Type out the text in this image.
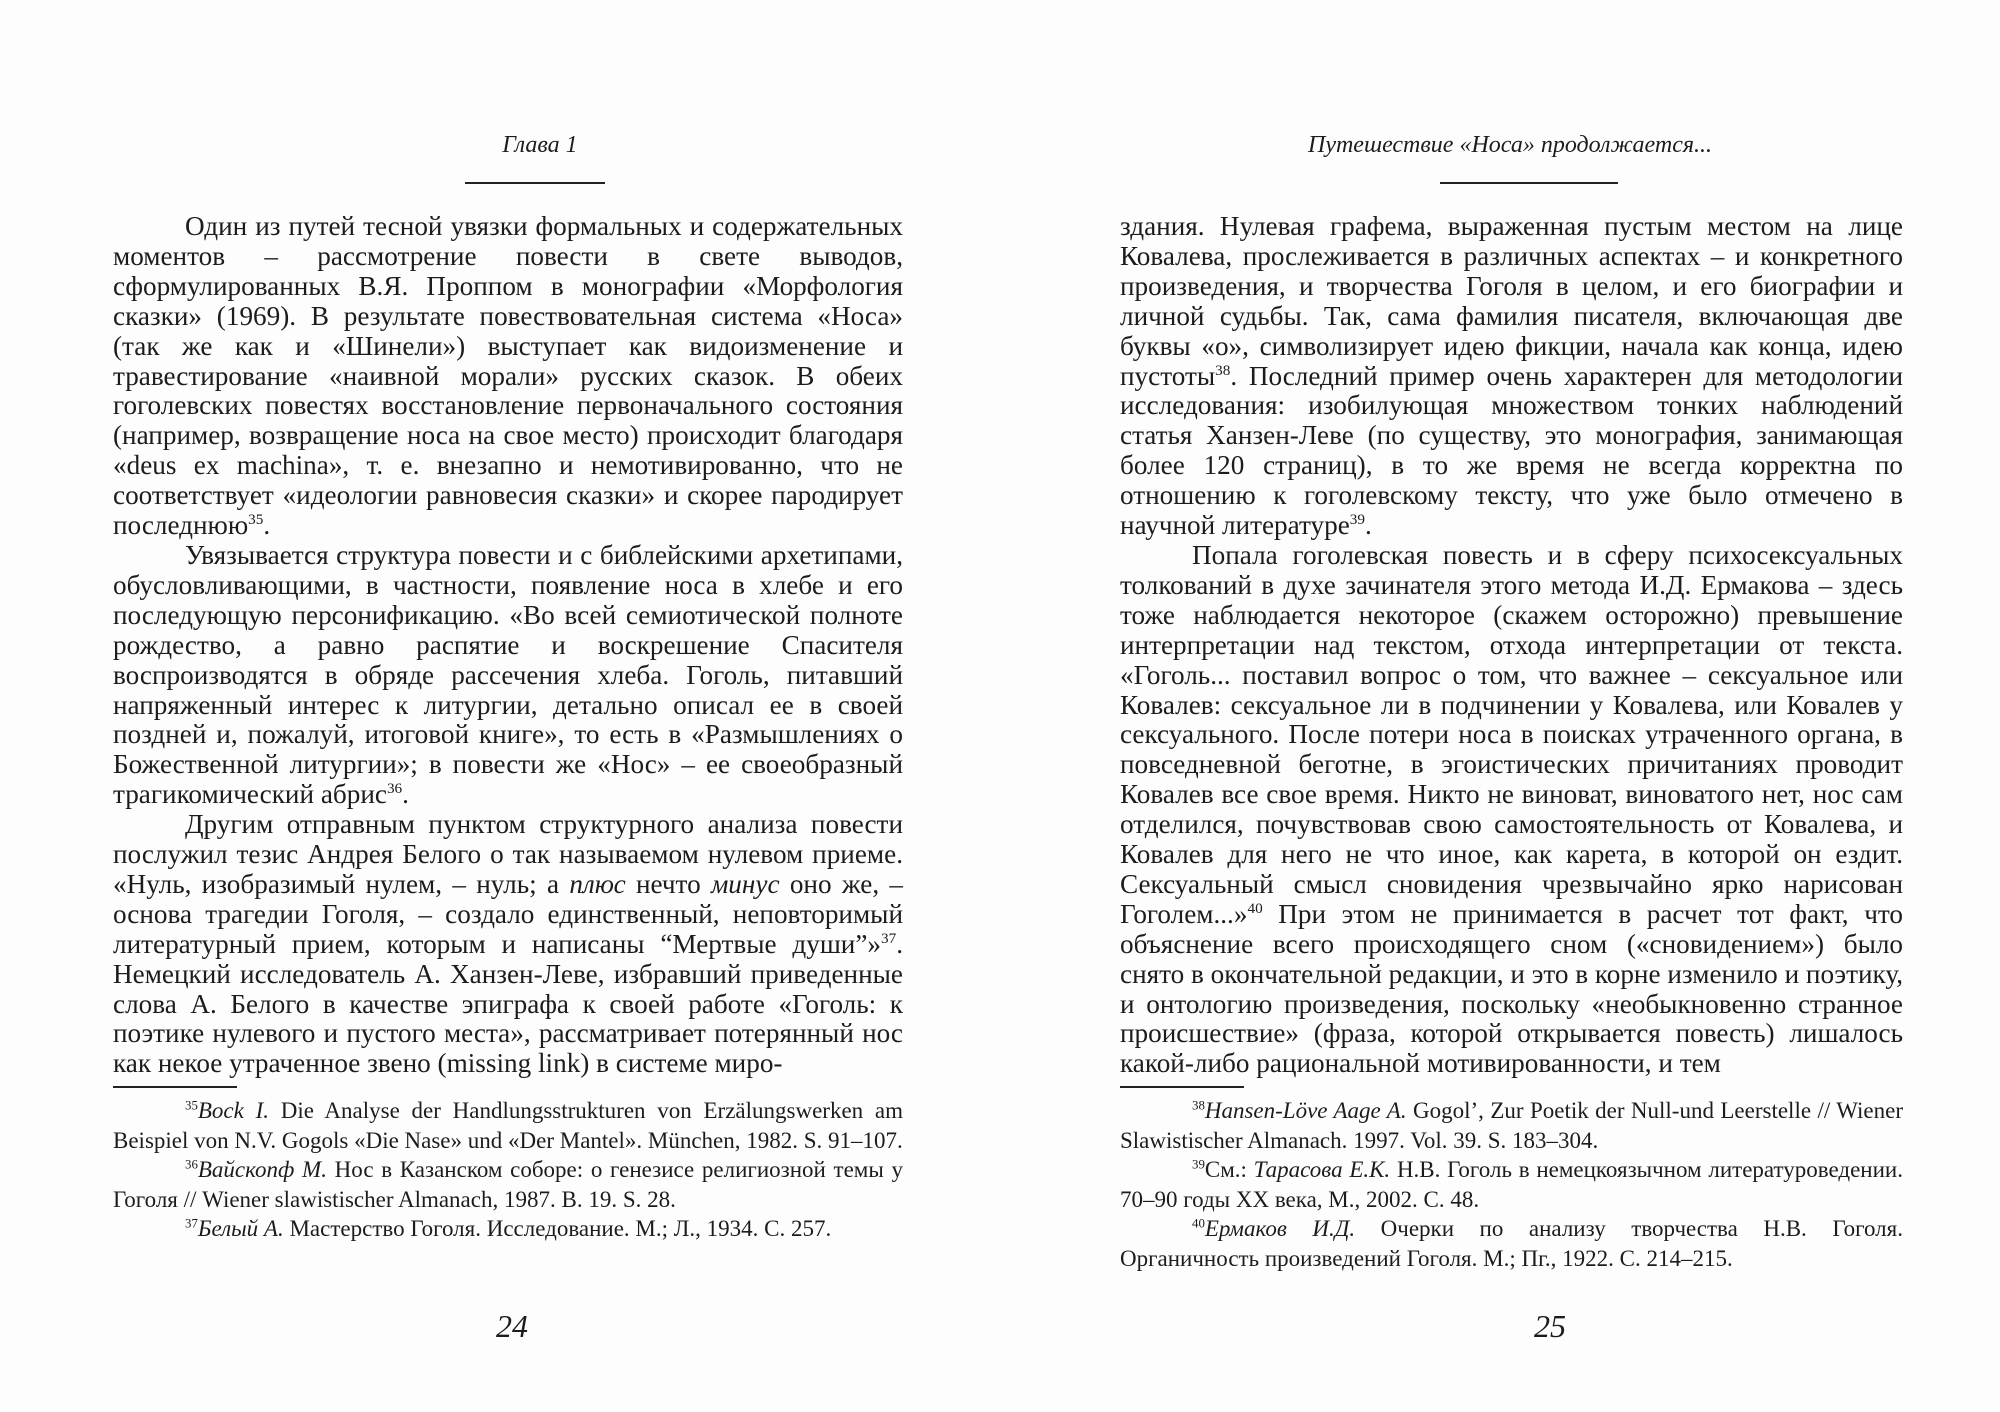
Глава 1

Один из путей тесной увязки формальных и содержательных моментов – рассмотрение повести в свете выводов, сформулированных В.Я. Проппом в монографии «Морфология сказки» (1969). В результате повествовательная система «Носа» (так же как и «Шинели») выступает как видоизменение и травестирование «наивной морали» русских сказок. В обеих гоголевских повестях восстановление первоначального состояния (например, возвращение носа на свое место) происходит благодаря «deus ex machina», т. е. внезапно и немотивированно, что не соответствует «идеологии равновесия сказки» и скорее пародирует последнюю$^{35}$.

Увязывается структура повести и с библейскими архетипами, обусловливающими, в частности, появление носа в хлебе и его последующую персонификацию. «Во всей семиотической полноте рождество, а равно распятие и воскрешение Спасителя воспроизводятся в обряде рассечения хлеба. Гоголь, питавший напряженный интерес к литургии, детально описал ее в своей поздней и, пожалуй, итоговой книге», то есть в «Размышлениях о Божественной литургии»; в повести же «Нос» – ее своеобразный трагикомический абрис$^{36}$.

Другим отправным пунктом структурного анализа повести послужил тезис Андрея Белого о так называемом нулевом приеме. «Нуль, изобразимый нулем, – нуль; а плюс нечто минус оно же, – основа трагедии Гоголя, – создало единственный, неповторимый литературный прием, которым и написаны “Мертвые души”»$^{37}$. Немецкий исследователь А. Ханзен-Леве, избравший приведенные слова А. Белого в качестве эпиграфа к своей работе «Гоголь: к поэтике нулевого и пустого места», рассматривает потерянный нос как некое утраченное звено (missing link) в системе миро-

$^{35}$Bock I. Die Analyse der Handlungsstrukturen von Erzälungswerken am Beispiel von N.V. Gogols «Die Nase» und «Der Mantel». München, 1982. S. 91–107.

$^{36}$Вайскопф М. Нос в Казанском соборе: о генезисе религиозной темы у Гоголя // Wiener slawistischer Almanach, 1987. B. 19. S. 28.

$^{37}$Белый А. Мастерство Гоголя. Исследование. М.; Л., 1934. С. 257.

24
Путешествие «Носа» продолжается...

здания. Нулевая графема, выраженная пустым местом на лице Ковалева, прослеживается в различных аспектах – и конкретного произведения, и творчества Гоголя в целом, и его биографии и личной судьбы. Так, сама фамилия писателя, включающая две буквы «о», символизирует идею фикции, начала как конца, идею пустоты$^{38}$. Последний пример очень характерен для методологии исследования: изобилующая множеством тонких наблюдений статья Ханзен-Леве (по существу, это монография, занимающая более 120 страниц), в то же время не всегда корректна по отношению к гоголевскому тексту, что уже было отмечено в научной литературе$^{39}$.

Попала гоголевская повесть и в сферу психосексуальных толкований в духе зачинателя этого метода И.Д. Ермакова – здесь тоже наблюдается некоторое (скажем осторожно) превышение интерпретации над текстом, отхода интерпретации от текста. «Гоголь... поставил вопрос о том, что важнее – сексуальное или Ковалев: сексуальное ли в подчинении у Ковалева, или Ковалев у сексуального. После потери носа в поисках утраченного органа, в повседневной беготне, в эгоистических причитаниях проводит Ковалев все свое время. Никто не виноват, виноватого нет, нос сам отделился, почувствовав свою самостоятельность от Ковалева, и Ковалев для него не что иное, как карета, в которой он ездит. Сексуальный смысл сновидения чрезвычайно ярко нарисован Гоголем...»$^{40}$ При этом не принимается в расчет тот факт, что объяснение всего происходящего сном («сновидением») было снято в окончательной редакции, и это в корне изменило и поэтику, и онтологию произведения, поскольку «необыкновенно странное происшествие» (фраза, которой открывается повесть) лишалось какой-либо рациональной мотивированности, и тем

$^{38}$Hansen-Löve Aage A. Gogol’, Zur Poetik der Null-und Leerstelle // Wiener Slawistischer Almanach. 1997. Vol. 39. S. 183–304.

$^{39}$См.: Тарасова Е.К. Н.В. Гоголь в немецкоязычном литературоведении. 70–90 годы XX века, М., 2002. С. 48.

$^{40}$Ермаков И.Д. Очерки по анализу творчества Н.В. Гоголя. Органичность произведений Гоголя. М.; Пг., 1922. С. 214–215.

25
